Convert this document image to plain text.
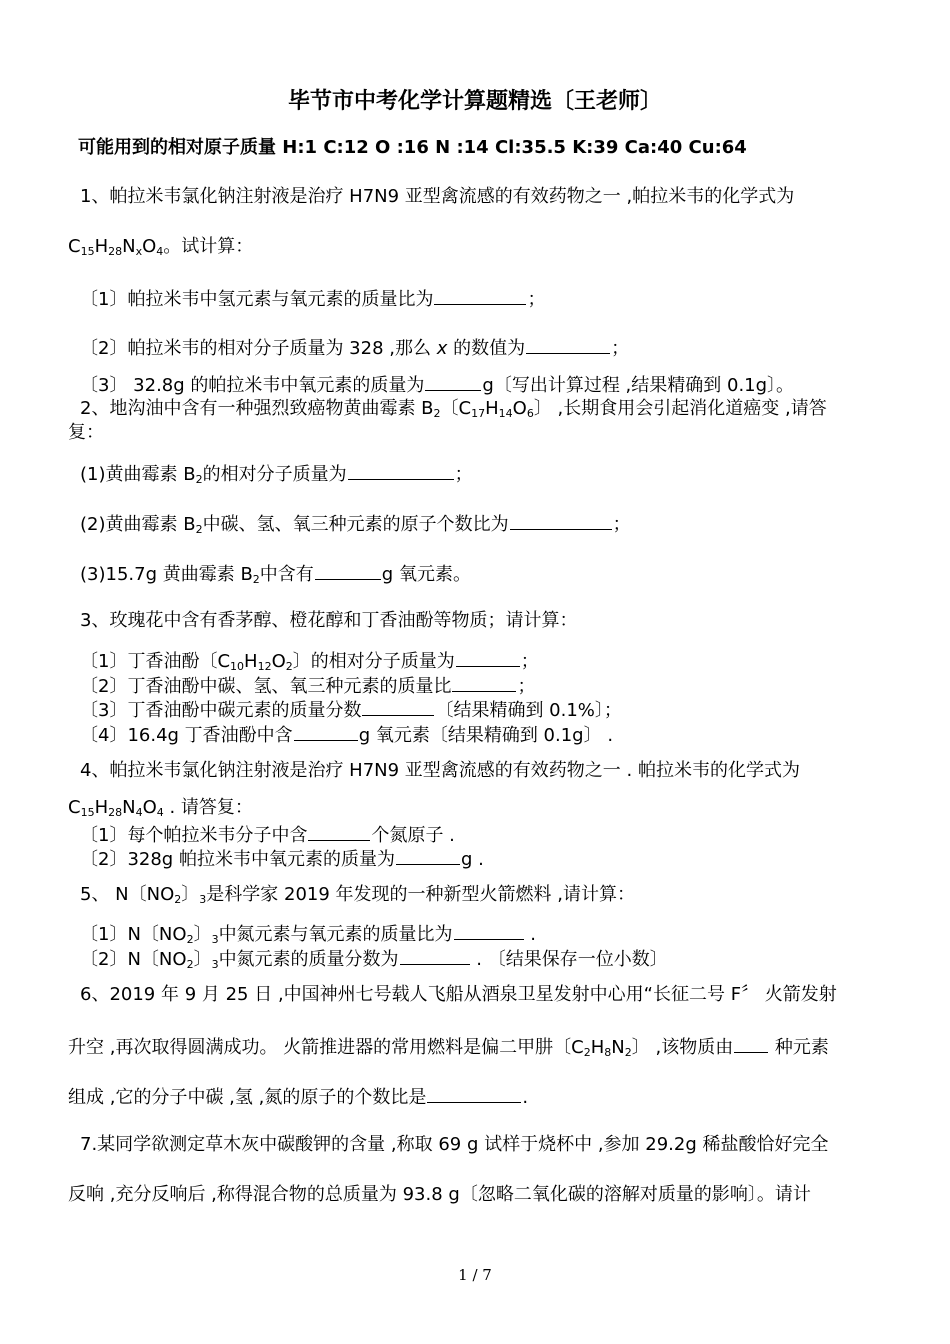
毕节市中考化学计算题精选〔王老师〕
可能用到的相对原子质量 H:1 C:12 O :16 N :14 Cl:35.5 K:39 Ca:40 Cu:64
1、帕拉米韦氯化钠注射液是治疗 H7N9 亚型禽流感的有效药物之一 ,帕拉米韦的化学式为
$C_{15}H_{28}N_xO_4$。试计算：
〔1〕帕拉米韦中氢元素与氧元素的质量比为	；
〔2〕帕拉米韦的相对分子质量为 328 ,那么 x 的数值为	；
〔3〕 32.8g 的帕拉米韦中氧元素的质量为	g〔写出计算过程 ,结果精确到 0.1g〕。
2、地沟油中含有一种强烈致癌物黄曲霉素 $B_2$〔$C_{17}H_{14}O_6$〕 ,长期食用会引起消化道癌变 ,请答
复：
(1)黄曲霉素 $B_2$的相对分子质量为	；
(2)黄曲霉素 $B_2$中碳、氢、氧三种元素的原子个数比为	；
(3)15.7g 黄曲霉素 $B_2$中含有	g 氧元素。
3、玫瑰花中含有香茅醇、橙花醇和丁香油酚等物质；请计算：
〔1〕丁香油酚〔$C_{10}H_{12}O_2$〕的相对分子质量为	；
〔2〕丁香油酚中碳、氢、氧三种元素的质量比	；
〔3〕丁香油酚中碳元素的质量分数	〔结果精确到 0.1%〕；
〔4〕16.4g 丁香油酚中含	g 氧元素〔结果精确到 0.1g〕 .
4、帕拉米韦氯化钠注射液是治疗 H7N9 亚型禽流感的有效药物之一 . 帕拉米韦的化学式为
$C_{15}H_{28}N_4O_4$ . 请答复：
〔1〕每个帕拉米韦分子中含	个氮原子 .
〔2〕328g 帕拉米韦中氧元素的质量为	g .
5、 N〔$NO_2$〕$_3$是科学家 2019 年发现的一种新型火箭燃料 ,请计算：
〔1〕N〔$NO_2$〕$_3$中氮元素与氧元素的质量比为	.
〔2〕N〔$NO_2$〕$_3$中氮元素的质量分数为	. 〔结果保存一位小数〕
6、2019 年 9 月 25 日 ,中国神州七号载人飞船从酒泉卫星发射中心用“长征二号 F〞 火箭发射
升空 ,再次取得圆满成功。 火箭推进器的常用燃料是偏二甲肼〔$C_2H_8N_2$〕 ,该物质由 种元素
组成 ,它的分子中碳 ,氢 ,氮的原子的个数比是	.
7.某同学欲测定草木灰中碳酸钾的含量 ,称取 69 g 试样于烧杯中 ,参加 29.2g 稀盐酸恰好完全
反响 ,充分反响后 ,称得混合物的总质量为 93.8 g〔忽略二氧化碳的溶解对质量的影响〕。请计
1 / 7
